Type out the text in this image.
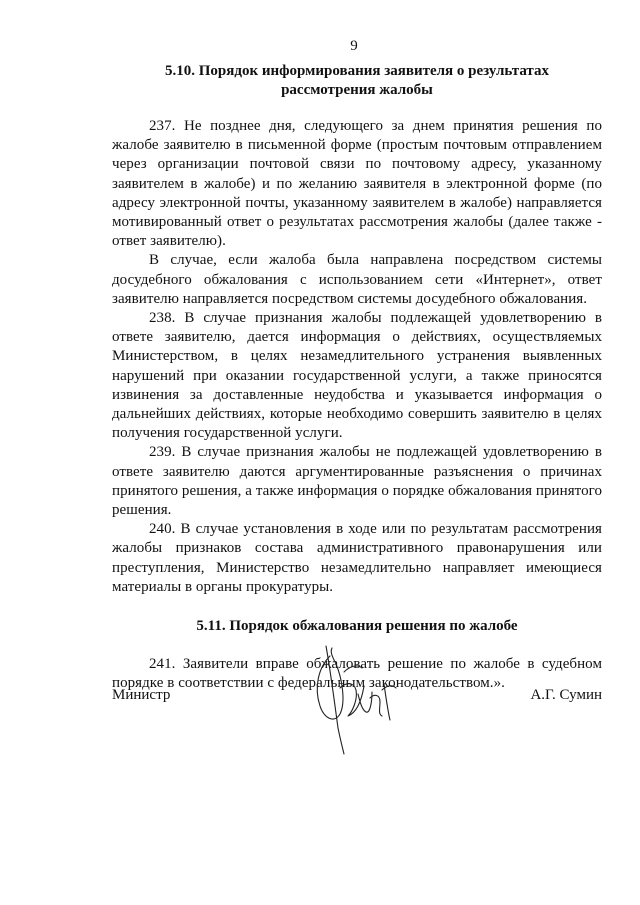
9
5.10. Порядок информирования заявителя о результатах
рассмотрения жалобы

237. Не позднее дня, следующего за днем принятия решения по жалобе заявителю в письменной форме (простым почтовым отправлением через организации почтовой связи по почтовому адресу, указанному заявителем в жалобе) и по желанию заявителя в электронной форме (по адресу электронной почты, указанному заявителем в жалобе) направляется мотивированный ответ о результатах рассмотрения жалобы (далее также - ответ заявителю).

В случае, если жалоба была направлена посредством системы досудебного обжалования с использованием сети «Интернет», ответ заявителю направляется посредством системы досудебного обжалования.

238. В случае признания жалобы подлежащей удовлетворению в ответе заявителю, дается информация о действиях, осуществляемых Министерством, в целях незамедлительного устранения выявленных нарушений при оказании государственной услуги, а также приносятся извинения за доставленные неудобства и указывается информация о дальнейших действиях, которые необходимо совершить заявителю в целях получения государственной услуги.

239. В случае признания жалобы не подлежащей удовлетворению в ответе заявителю даются аргументированные разъяснения о причинах принятого решения, а также информация о порядке обжалования принятого решения.

240. В случае установления в ходе или по результатам рассмотрения жалобы признаков состава административного правонарушения или преступления, Министерство незамедлительно направляет имеющиеся материалы в органы прокуратуры.

5.11. Порядок обжалования решения по жалобе

241. Заявители вправе обжаловать решение по жалобе в судебном порядке в соответствии с федеральным законодательством.».

Министр	А.Г. Сумин
